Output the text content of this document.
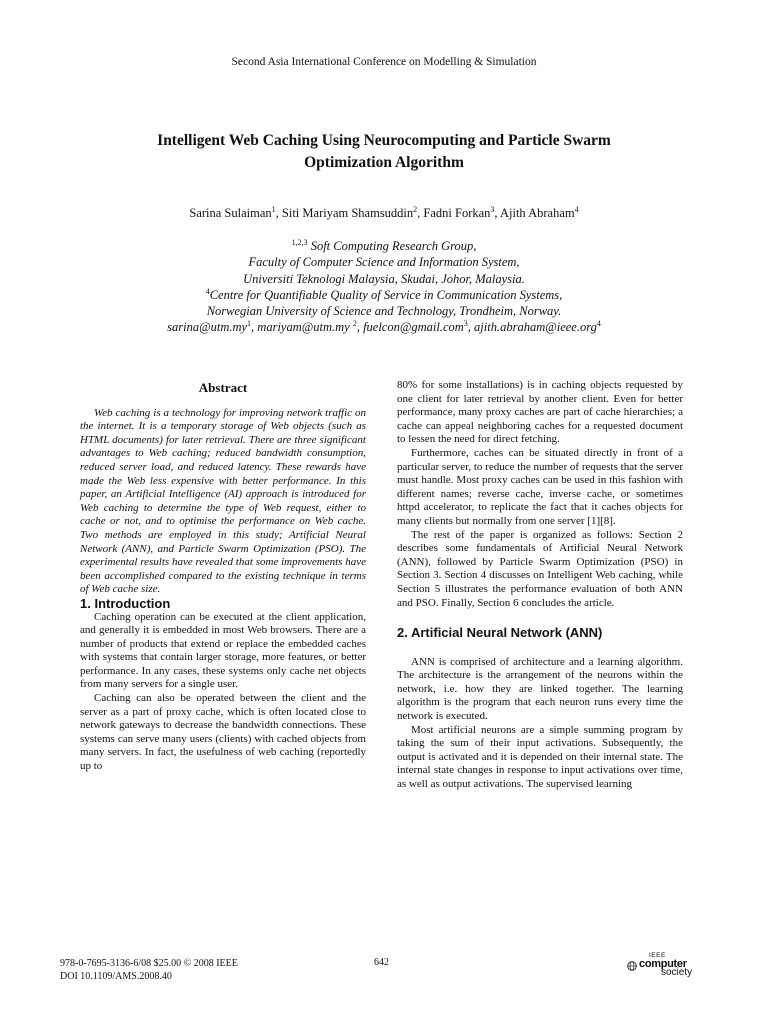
Second Asia International Conference on Modelling & Simulation
Intelligent Web Caching Using Neurocomputing and Particle Swarm
Optimization Algorithm
Sarina Sulaiman$^1$, Siti Mariyam Shamsuddin$^2$, Fadni Forkan$^3$, Ajith Abraham$^4$
$^{1,2,3}$ Soft Computing Research Group,
Faculty of Computer Science and Information System,
Universiti Teknologi Malaysia, Skudai, Johor, Malaysia.
$^4$Centre for Quantifiable Quality of Service in Communication Systems,
Norwegian University of Science and Technology, Trondheim, Norway.
$sarina@utm.my^1$, mariyam@utm.my $^2$, fuelcon@gmail.com$^3$, ajith.abraham@ieee.org$^4$
Abstract

Web caching is a technology for improving network traffic on the internet. It is a temporary storage of Web objects (such as HTML documents) for later retrieval. There are three significant advantages to Web caching; reduced bandwidth consumption, reduced server load, and reduced latency. These rewards have made the Web less expensive with better performance. In this paper, an Artificial Intelligence (AI) approach is introduced for Web caching to determine the type of Web request, either to cache or not, and to optimise the performance on Web cache. Two methods are employed in this study; Artificial Neural Network (ANN), and Particle Swarm Optimization (PSO). The experimental results have revealed that some improvements have been accomplished compared to the existing technique in terms of Web cache size.

1. Introduction

Caching operation can be executed at the client application, and generally it is embedded in most Web browsers. There are a number of products that extend or replace the embedded caches with systems that contain larger storage, more features, or better performance. In any cases, these systems only cache net objects from many servers for a single user.

Caching can also be operated between the client and the server as a part of proxy cache, which is often located close to network gateways to decrease the bandwidth connections. These systems can serve many users (clients) with cached objects from many servers. In fact, the usefulness of web caching (reportedly up to

80% for some installations) is in caching objects requested by one client for later retrieval by another client. Even for better performance, many proxy caches are part of cache hierarchies; a cache can appeal neighboring caches for a requested document to lessen the need for direct fetching.

Furthermore, caches can be situated directly in front of a particular server, to reduce the number of requests that the server must handle. Most proxy caches can be used in this fashion with different names; reverse cache, inverse cache, or sometimes httpd accelerator, to replicate the fact that it caches objects for many clients but normally from one server [1][8].

The rest of the paper is organized as follows: Section 2 describes some fundamentals of Artificial Neural Network (ANN), followed by Particle Swarm Optimization (PSO) in Section 3. Section 4 discusses on Intelligent Web caching, while Section 5 illustrates the performance evaluation of both ANN and PSO. Finally, Section 6 concludes the article.

2. Artificial Neural Network (ANN)

ANN is comprised of architecture and a learning algorithm. The architecture is the arrangement of the neurons within the network, i.e. how they are linked together. The learning algorithm is the program that each neuron runs every time the network is executed.

Most artificial neurons are a simple summing program by taking the sum of their input activations. Subsequently, the output is activated and it is depended on their internal state. The internal state changes in response to input activations over time, as well as output activations. The supervised learning

978-0-7695-3136-6/08 $25.00 © 2008 IEEE
DOI 10.1109/AMS.2008.40
642
IEEE
computer
society
